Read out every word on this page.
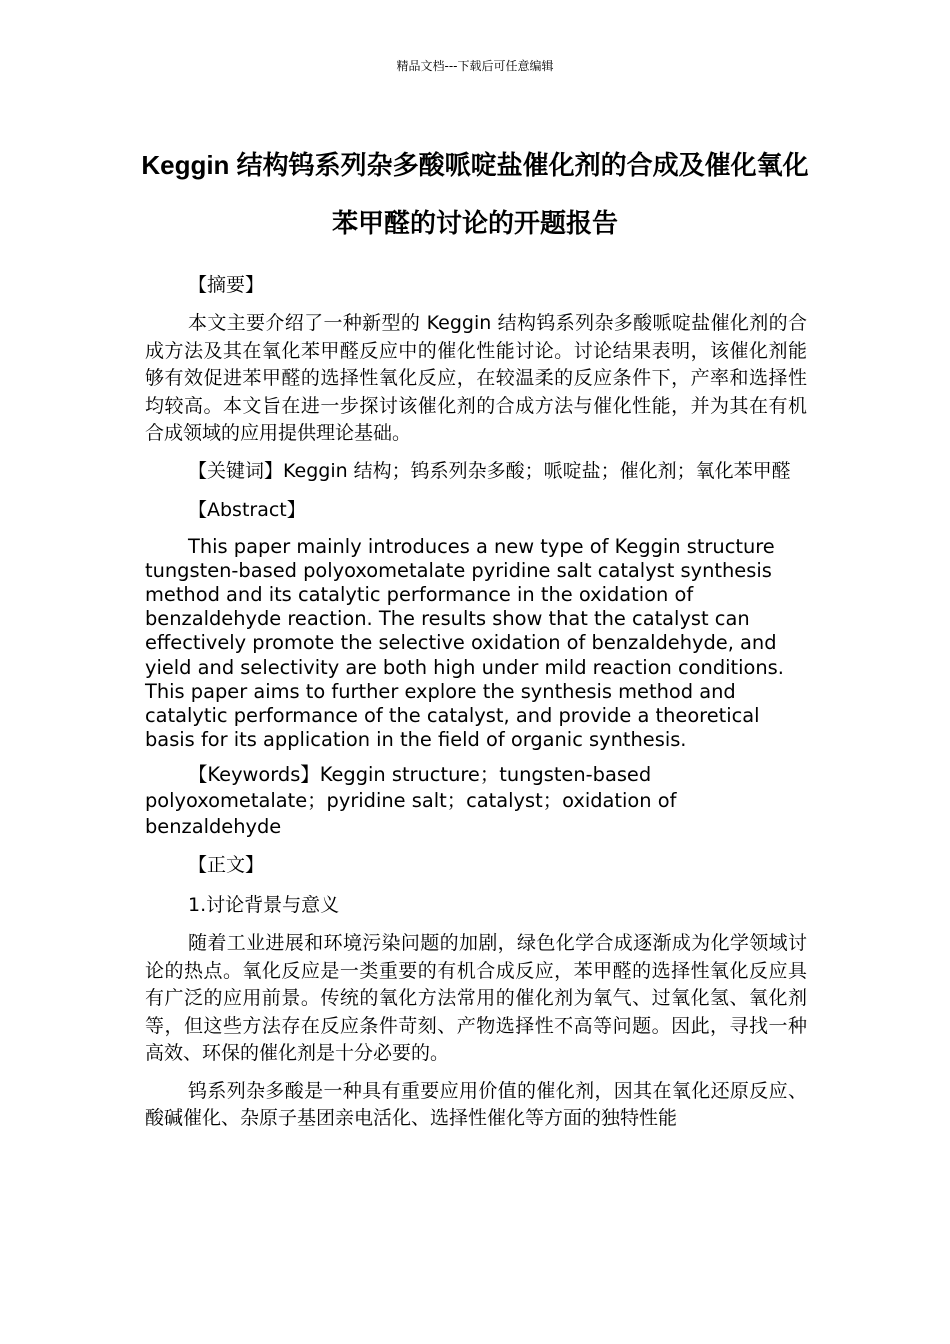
精品文档---下载后可任意编辑
Keggin 结构钨系列杂多酸哌啶盐催化剂的合成及催化氧化苯甲醛的讨论的开题报告

【摘要】

本文主要介绍了一种新型的 Keggin 结构钨系列杂多酸哌啶盐催化剂的合成方法及其在氧化苯甲醛反应中的催化性能讨论。讨论结果表明，该催化剂能够有效促进苯甲醛的选择性氧化反应，在较温柔的反应条件下，产率和选择性均较高。本文旨在进一步探讨该催化剂的合成方法与催化性能，并为其在有机合成领域的应用提供理论基础。

【关键词】Keggin 结构；钨系列杂多酸；哌啶盐；催化剂；氧化苯甲醛

【Abstract】

This paper mainly introduces a new type of Keggin structure tungsten-based polyoxometalate pyridine salt catalyst synthesis method and its catalytic performance in the oxidation of benzaldehyde reaction. The results show that the catalyst can effectively promote the selective oxidation of benzaldehyde, and yield and selectivity are both high under mild reaction conditions. This paper aims to further explore the synthesis method and catalytic performance of the catalyst, and provide a theoretical basis for its application in the field of organic synthesis.

【Keywords】Keggin structure；tungsten-based polyoxometalate；pyridine salt；catalyst；oxidation of benzaldehyde

【正文】

1.讨论背景与意义

随着工业进展和环境污染问题的加剧，绿色化学合成逐渐成为化学领域讨论的热点。氧化反应是一类重要的有机合成反应，苯甲醛的选择性氧化反应具有广泛的应用前景。传统的氧化方法常用的催化剂为氧气、过氧化氢、氧化剂等，但这些方法存在反应条件苛刻、产物选择性不高等问题。因此，寻找一种高效、环保的催化剂是十分必要的。

钨系列杂多酸是一种具有重要应用价值的催化剂，因其在氧化还原反应、酸碱催化、杂原子基团亲电活化、选择性催化等方面的独特性能
